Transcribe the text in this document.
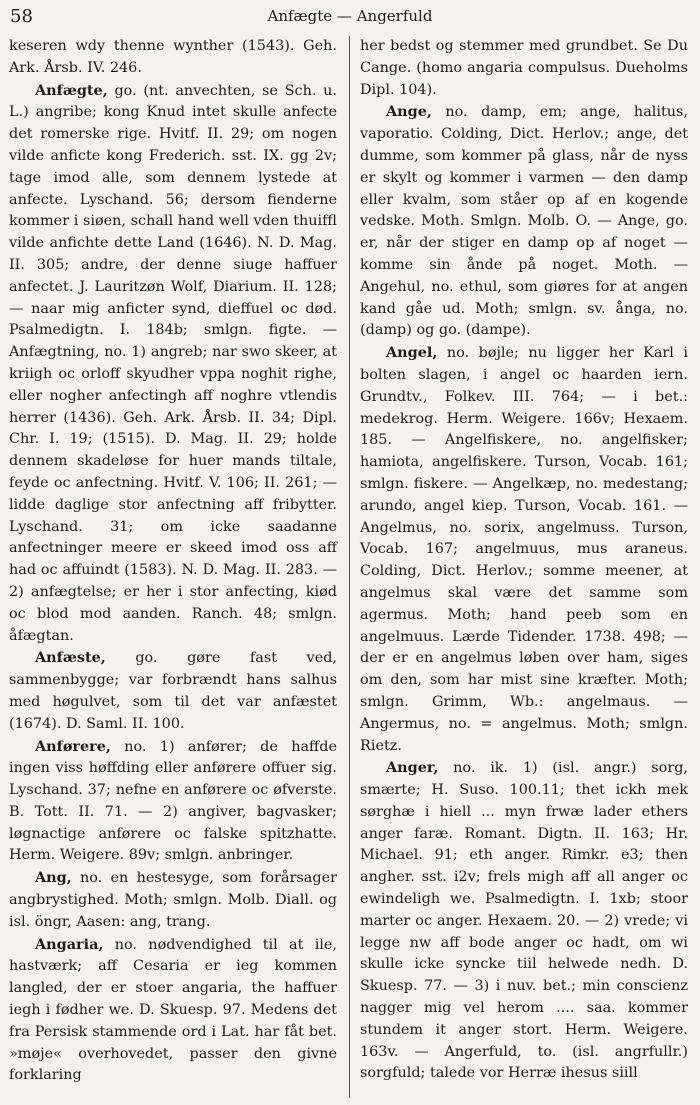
58	Anfægte — Angerfuld

keseren wdy thenne wynther (1543). Geh. Ark. Årsb. IV. 246.

Anfægte, go. (nt. anvechten, se Sch. u. L.) angribe; kong Knud intet skulle anfecte det romerske rige. Hvitf. II. 29; om nogen vilde anficte kong Frederich. sst. IX. gg 2v; tage imod alle, som dennem lystede at anfecte. Lyschand. 56; dersom fienderne kommer i siøen, schall hand well vden thuiffl vilde anfichte dette Land (1646). N. D. Mag. II. 305; andre, der denne siuge haffuer anfectet. J. Lauritzøn Wolf, Diarium. II. 128; — naar mig anficter synd, dieffuel oc død. Psalmedigtn. I. 184b; smlgn. figte. — Anfægtning, no. 1) angreb; nar swo skeer, at kriigh oc orloff skyudher vppa noghit righe, eller nogher anfectingh aff noghre vtlendis herrer (1436). Geh. Ark. Årsb. II. 34; Dipl. Chr. I. 19; (1515). D. Mag. II. 29; holde dennem skadeløse for huer mands tiltale, feyde oc anfectning. Hvitf. V. 106; II. 261; — lidde daglige stor anfectning aff fribytter. Lyschand. 31; om icke saadanne anfectninger meere er skeed imod oss aff had oc affuindt (1583). N. D. Mag. II. 283. — 2) anfægtelse; er her i stor anfecting, kiød oc blod mod aanden. Ranch. 48; smlgn. åfægtan.

Anfæste, go. gøre fast ved, sammenbygge; var forbrændt hans salhus med høgulvet, som til det var anfæstet (1674). D. Saml. II. 100.

Anførere, no. 1) anfører; de haffde ingen viss høffding eller anførere offuer sig. Lyschand. 37; nefne en anførere oc øfverste. B. Tott. II. 71. — 2) angiver, bagvasker; løgnactige anførere oc falske spitzhatte. Herm. Weigere. 89v; smlgn. anbringer.

Ang, no. en hestesyge, som forårsager angbrystighed. Moth; smlgn. Molb. Diall. og isl. öngr, Aasen: ang, trang.

Angaria, no. nødvendighed til at ile, hastværk; aff Cesaria er ieg kommen langled, der er stoer angaria, the haffuer iegh i fødher we. D. Skuesp. 97. Medens det fra Persisk stammende ord i Lat. har fåt bet. »møje« overhovedet, passer den givne forklaring

her bedst og stemmer med grundbet. Se Du Cange. (homo angaria compulsus. Dueholms Dipl. 104).

Ange, no. damp, em; ange, halitus, vaporatio. Colding, Dict. Herlov.; ange, det dumme, som kommer på glass, når de nyss er skylt og kommer i varmen — den damp eller kvalm, som ståer op af en kogende vedske. Moth. Smlgn. Molb. O. — Ange, go. er, når der stiger en damp op af noget — komme sin ånde på noget. Moth. — Angehul, no. ethul, som giøres for at angen kand gåe ud. Moth; smlgn. sv. ånga, no. (damp) og go. (dampe).

Angel, no. bøjle; nu ligger her Karl i bolten slagen, i angel oc haarden iern. Grundtv., Folkev. III. 764; — i bet.: medekrog. Herm. Weigere. 166v; Hexaem. 185. — Angelfiskere, no. angelfisker; hamiota, angelfiskere. Turson, Vocab. 161; smlgn. fiskere. — Angelkæp, no. medestang; arundo, angel kiep. Turson, Vocab. 161. — Angelmus, no. sorix, angelmuss. Turson, Vocab. 167; angelmuus, mus araneus. Colding, Dict. Herlov.; somme meener, at angelmus skal være det samme som agermus. Moth; hand peeb som en angelmuus. Lærde Tidender. 1738. 498; — der er en angelmus løben over ham, siges om den, som har mist sine kræfter. Moth; smlgn. Grimm, Wb.: angelmaus. — Angermus, no. = angelmus. Moth; smlgn. Rietz.

Anger, no. ik. 1) (isl. angr.) sorg, smærte; H. Suso. 100.11; thet ickh mek sørghæ i hiell ... myn frwæ lader ethers anger faræ. Romant. Digtn. II. 163; Hr. Michael. 91; eth anger. Rimkr. e3; then angher. sst. i2v; frels migh aff all anger oc ewindeligh we. Psalmedigtn. I. 1xb; stoor marter oc anger. Hexaem. 20. — 2) vrede; vi legge nw aff bode anger oc hadt, om wi skulle icke syncke tiil helwede nedh. D. Skuesp. 77. — 3) i nuv. bet.; min conscienz nagger mig vel herom .... saa. kommer stundem it anger stort. Herm. Weigere. 163v. — Angerfuld, to. (isl. angrfullr.) sorgfuld; talede vor Herræ ihesus siill
